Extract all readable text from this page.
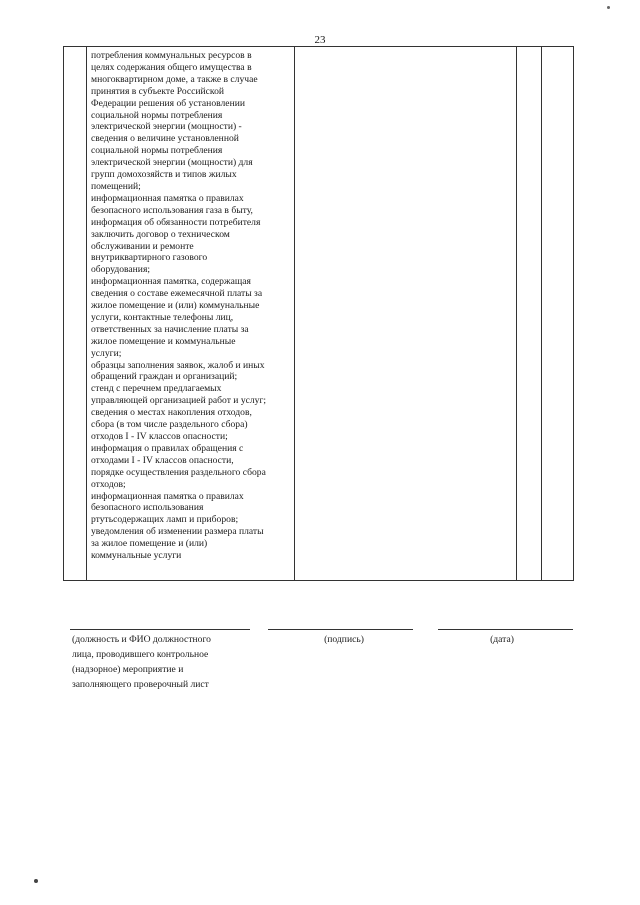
23
потребления коммунальных ресурсов в
целях содержания общего имущества в
многоквартирном доме, а также в случае
принятия в субъекте Российской
Федерации решения об установлении
социальной нормы потребления
электрической энергии (мощности) -
сведения о величине установленной
социальной нормы потребления
электрической энергии (мощности) для
групп домохозяйств и типов жилых
помещений;
информационная памятка о правилах
безопасного использования газа в быту,
информация об обязанности потребителя
заключить договор о техническом
обслуживании и ремонте
внутриквартирного газового
оборудования;
информационная памятка, содержащая
сведения о составе ежемесячной платы за
жилое помещение и (или) коммунальные
услуги, контактные телефоны лиц,
ответственных за начисление платы за
жилое помещение и коммунальные
услуги;
образцы заполнения заявок, жалоб и иных
обращений граждан и организаций;
стенд с перечнем предлагаемых
управляющей организацией работ и услуг;
сведения о местах накопления отходов,
сбора (в том числе раздельного сбора)
отходов I - IV классов опасности;
информация о правилах обращения с
отходами I - IV классов опасности,
порядке осуществления раздельного сбора
отходов;
информационная памятка о правилах
безопасного использования
ртутьсодержащих ламп и приборов;
уведомления об изменении размера платы
за жилое помещение и (или)
коммунальные услуги
(должность и ФИО должностного
лица, проводившего контрольное
(надзорное) мероприятие и
заполняющего проверочный лист
(подпись)	(дата)
